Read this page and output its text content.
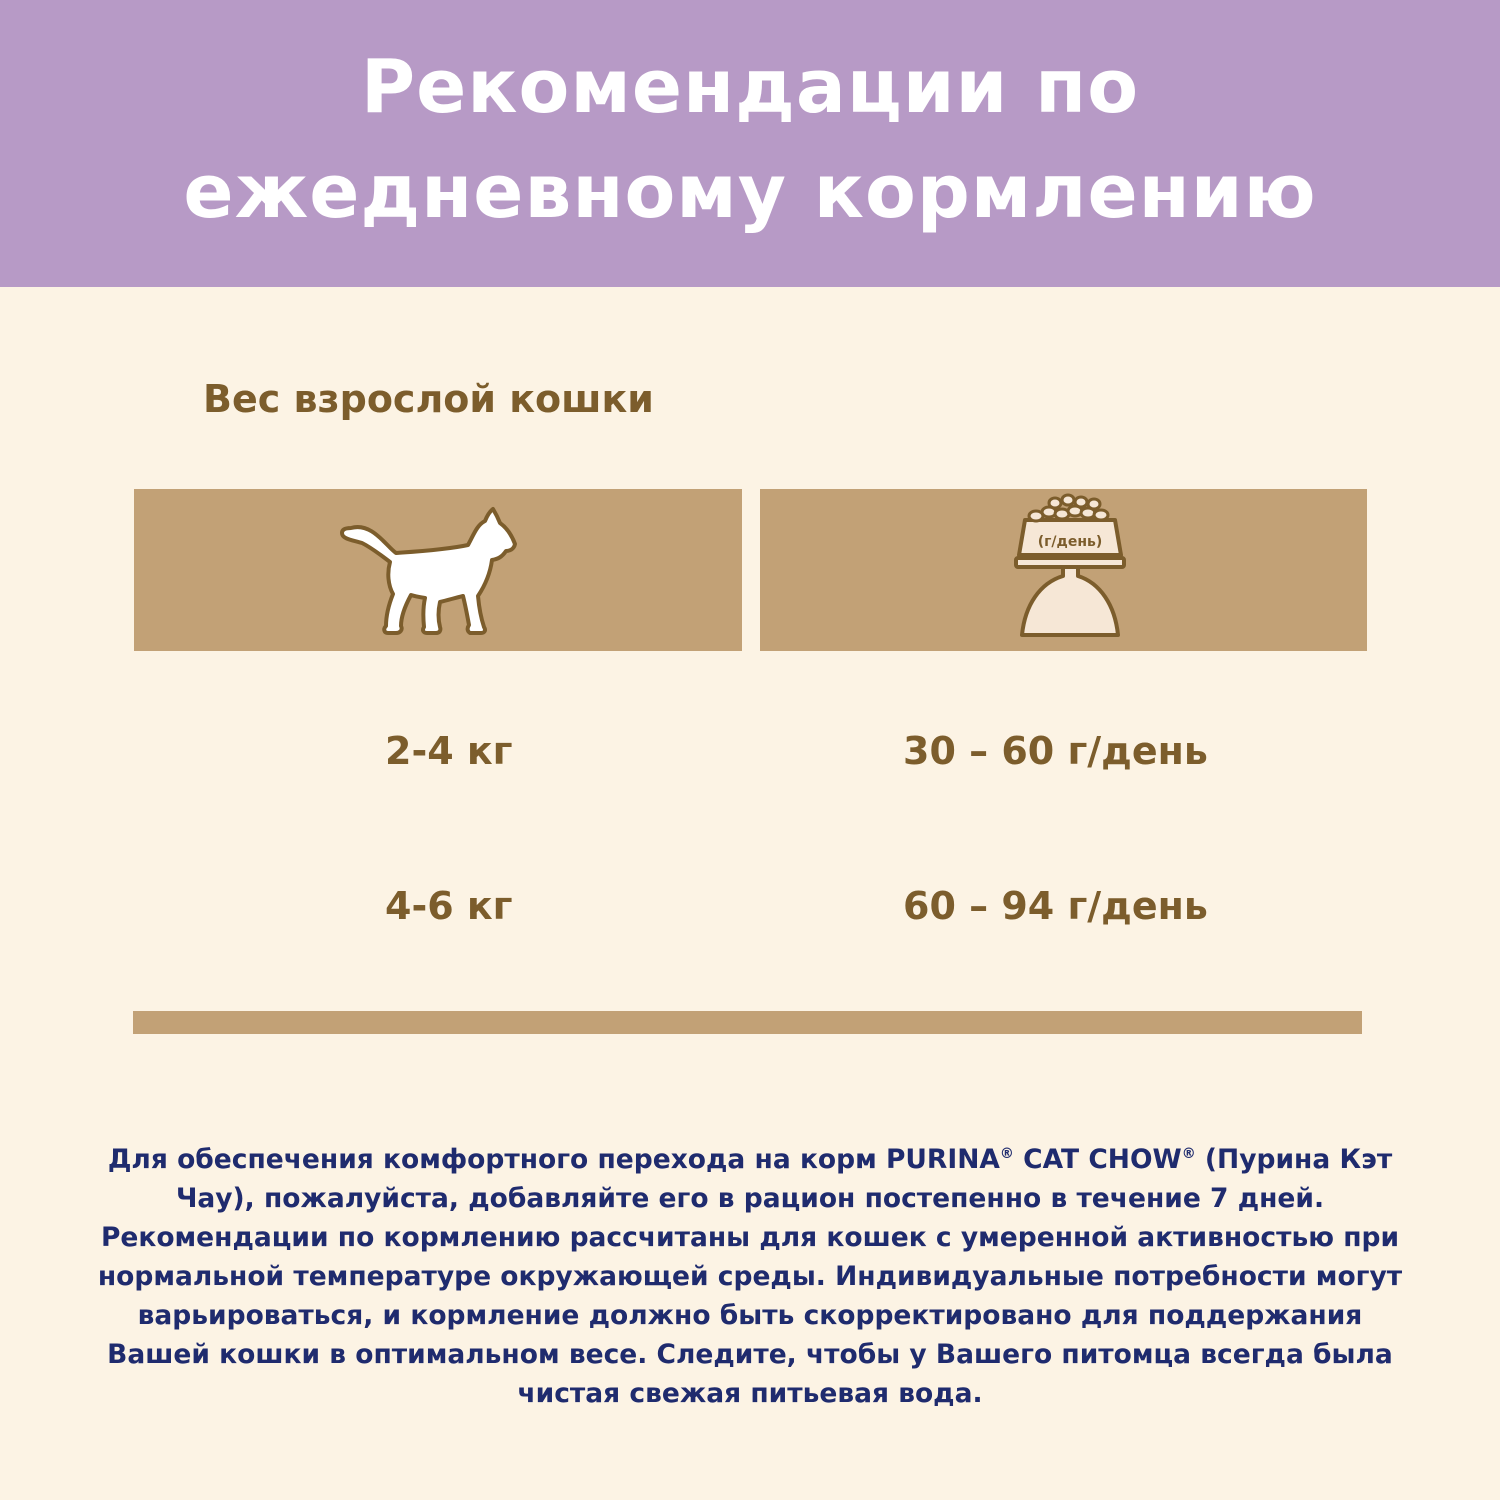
Рекомендации по
ежедневному кормлению
Вес взрослой кошки
(г/день)
2-4 кг	30 – 60 г/день
4-6 кг	60 – 94 г/день
Для обеспечения комфортного перехода на корм PURINA® CAT CHOW® (Пурина Кэт Чау), пожалуйста, добавляйте его в рацион постепенно в течение 7 дней. Рекомендации по кормлению рассчитаны для кошек с умеренной активностью при нормальной температуре окружающей среды. Индивидуальные потребности могут варьироваться, и кормление должно быть скорректировано для поддержания Вашей кошки в оптимальном весе. Следите, чтобы у Вашего питомца всегда была чистая свежая питьевая вода.
